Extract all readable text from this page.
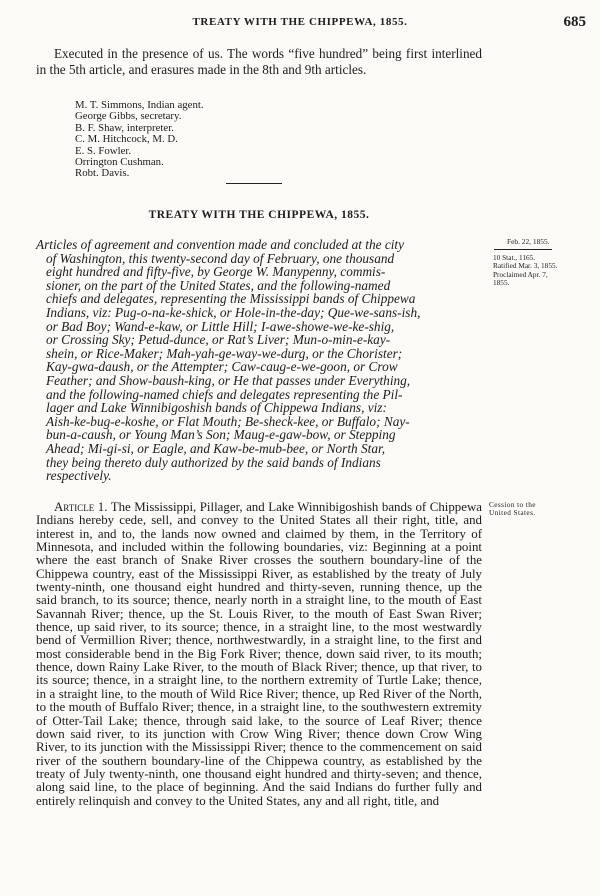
TREATY WITH THE CHIPPEWA, 1855.	685

Executed in the presence of us. The words “five hundred” being first interlined in the 5th article, and erasures made in the 8th and 9th articles.

M. T. Simmons, Indian agent.
George Gibbs, secretary.
B. F. Shaw, interpreter.
C. M. Hitchcock, M. D.
E. S. Fowler.
Orrington Cushman.
Robt. Davis.
TREATY WITH THE CHIPPEWA, 1855.

Articles of agreement and convention made and concluded at the city
of Washington, this twenty-second day of February, one thousand
eight hundred and fifty-five, by George W. Manypenny, commis-
sioner, on the part of the United States, and the following-named
chiefs and delegates, representing the Mississippi bands of Chippewa
Indians, viz: Pug-o-na-ke-shick, or Hole-in-the-day; Que-we-sans-ish,
or Bad Boy; Wand-e-kaw, or Little Hill; I-awe-showe-we-ke-shig,
or Crossing Sky; Petud-dunce, or Rat’s Liver; Mun-o-min-e-kay-
shein, or Rice-Maker; Mah-yah-ge-way-we-durg, or the Chorister;
Kay-gwa-daush, or the Attempter; Caw-caug-e-we-goon, or Crow
Feather; and Show-baush-king, or He that passes under Everything,
and the following-named chiefs and delegates representing the Pil-
lager and Lake Winnibigoshish bands of Chippewa Indians, viz:
Aish-ke-bug-e-koshe, or Flat Mouth; Be-sheck-kee, or Buffalo; Nay-
bun-a-caush, or Young Man’s Son; Maug-e-gaw-bow, or Stepping
Ahead; Mi-gi-si, or Eagle, and Kaw-be-mub-bee, or North Star,
they being thereto duly authorized by the said bands of Indians
respectively.

Article 1. The Mississippi, Pillager, and Lake Winnibigoshish bands of Chippewa Indians hereby cede, sell, and convey to the United States all their right, title, and interest in, and to, the lands now owned and claimed by them, in the Territory of Minnesota, and included within the following boundaries, viz: Beginning at a point where the east branch of Snake River crosses the southern boundary-line of the Chippewa country, east of the Mississippi River, as established by the treaty of July twenty-ninth, one thousand eight hundred and thirty-seven, running thence, up the said branch, to its source; thence, nearly north in a straight line, to the mouth of East Savannah River; thence, up the St. Louis River, to the mouth of East Swan River; thence, up said river, to its source; thence, in a straight line, to the most westwardly bend of Vermillion River; thence, northwestwardly, in a straight line, to the first and most considerable bend in the Big Fork River; thence, down said river, to its mouth; thence, down Rainy Lake River, to the mouth of Black River; thence, up that river, to its source; thence, in a straight line, to the northern extremity of Turtle Lake; thence, in a straight line, to the mouth of Wild Rice River; thence, up Red River of the North, to the mouth of Buffalo River; thence, in a straight line, to the southwestern extremity of Otter-Tail Lake; thence, through said lake, to the source of Leaf River; thence down said river, to its junction with Crow Wing River; thence down Crow Wing River, to its junction with the Mississippi River; thence to the commencement on said river of the southern boundary-line of the Chippewa country, as established by the treaty of July twenty-ninth, one thousand eight hundred and thirty-seven; and thence, along said line, to the place of beginning. And the said Indians do further fully and entirely relinquish and convey to the United States, any and all right, title, and

Feb. 22, 1855.
10 Stat., 1165.
Ratified Mar. 3, 1855.
Proclaimed Apr. 7,
1855.
Cession to the
United States.
